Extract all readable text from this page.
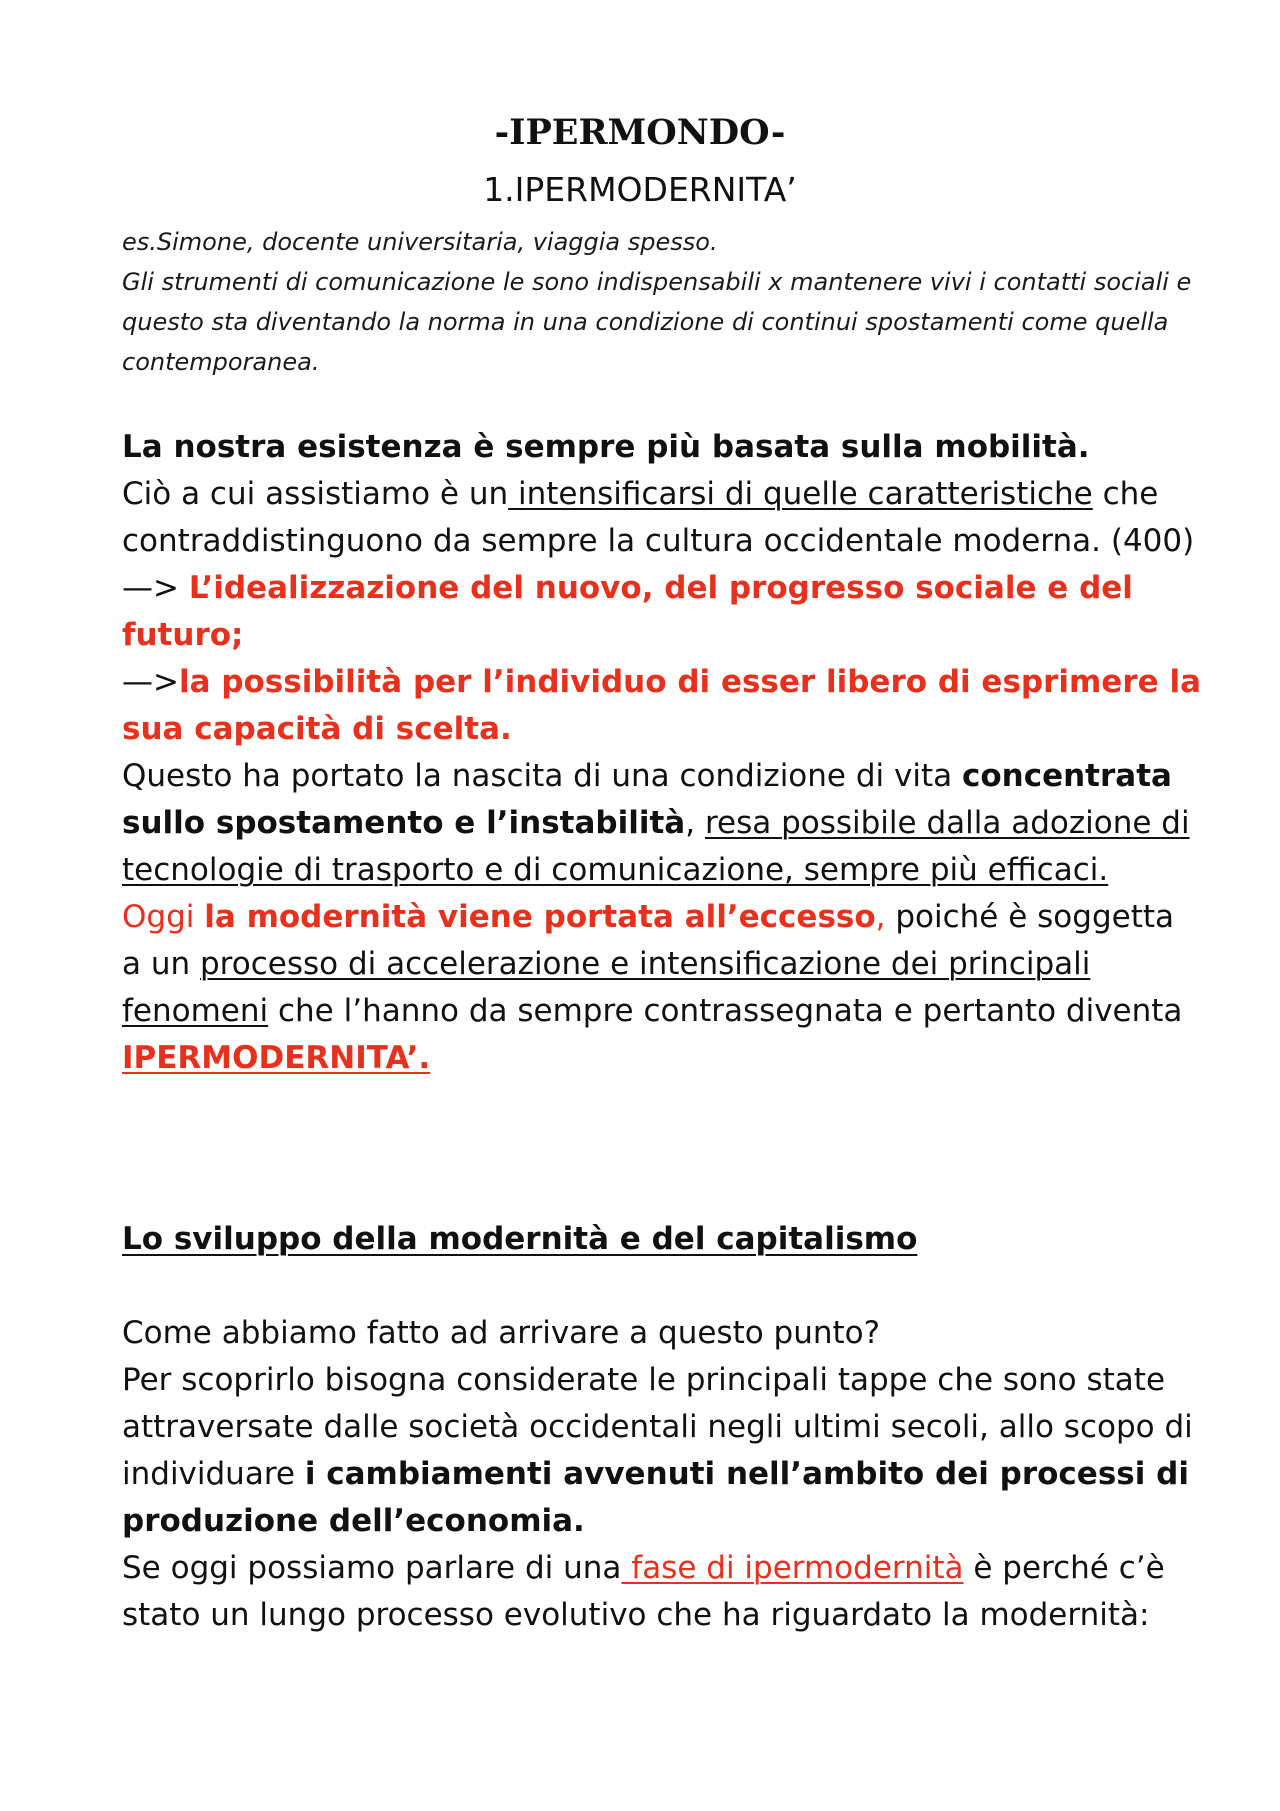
-IPERMONDO-
1.IPERMODERNITA’

es.Simone, docente universitaria, viaggia spesso.

Gli strumenti di comunicazione le sono indispensabili x mantenere vivi i contatti sociali e questo sta diventando la norma in una condizione di continui spostamenti come quella contemporanea.

La nostra esistenza è sempre più basata sulla mobilità.

Ciò a cui assistiamo è un intensificarsi di quelle caratteristiche che contraddistinguono da sempre la cultura occidentale moderna. (400)

—> L’idealizzazione del nuovo, del progresso sociale e del futuro;

—>la possibilità per l’individuo di esser libero di esprimere la sua capacità di scelta.

Questo ha portato la nascita di una condizione di vita concentrata sullo spostamento e l’instabilità, resa possibile dalla adozione di tecnologie di trasporto e di comunicazione, sempre più efficaci.

Oggi la modernità viene portata all’eccesso, poiché è soggetta a un processo di accelerazione e intensificazione dei principali fenomeni che l’hanno da sempre contrassegnata e pertanto diventa IPERMODERNITA’.

Lo sviluppo della modernità e del capitalismo

Come abbiamo fatto ad arrivare a questo punto?

Per scoprirlo bisogna considerate le principali tappe che sono state attraversate dalle società occidentali negli ultimi secoli, allo scopo di individuare i cambiamenti avvenuti nell’ambito dei processi di produzione dell’economia.

Se oggi possiamo parlare di una fase di ipermodernità è perché c’è stato un lungo processo evolutivo che ha riguardato la modernità:
